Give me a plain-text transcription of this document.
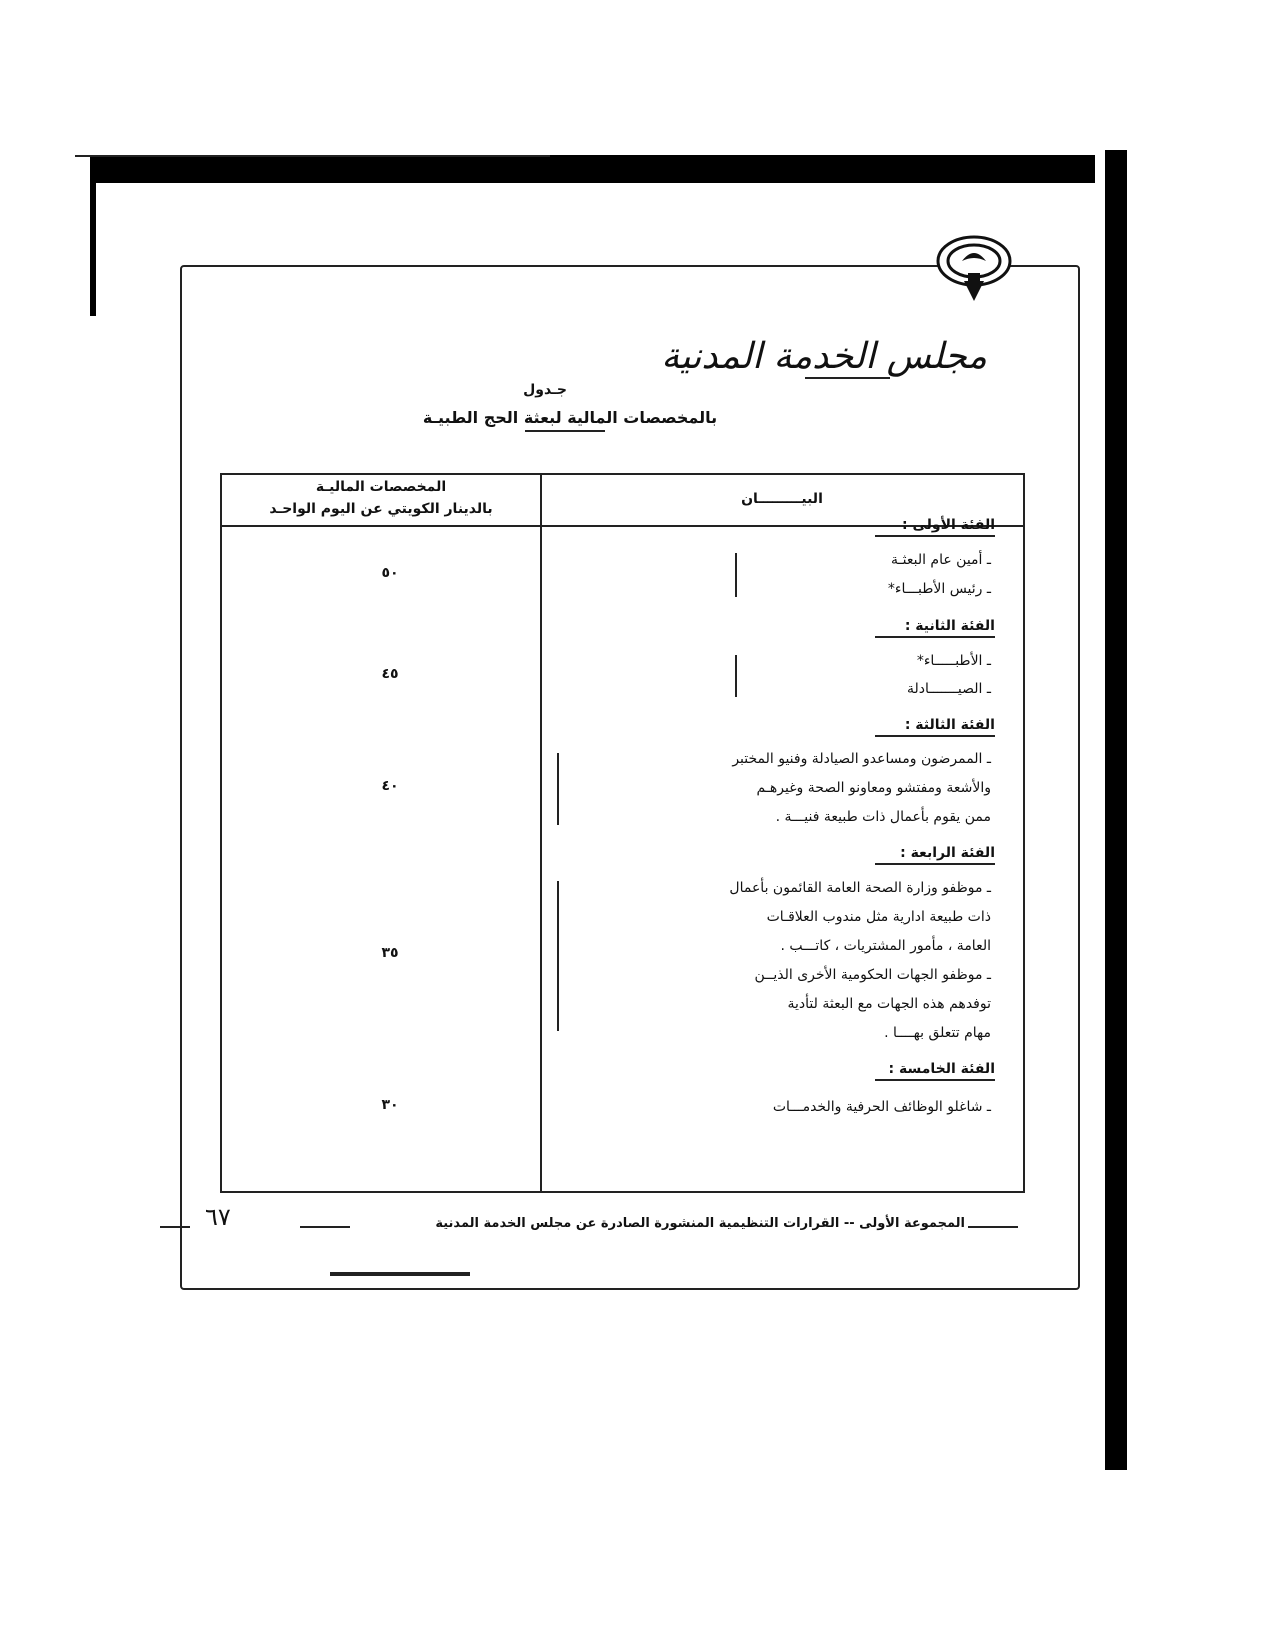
مجلس الخدمة المدنية
جـدول
بالمخصصات المالية لبعثة الحج الطبيـة
البيـــــــــان
المخصصات الماليـة
بالدينار الكويتي عن اليوم الواحـد
الفئة الأولى :
ـ أمين عام البعثـة
ـ رئيس الأطبـــاء*
٥٠
الفئة الثانية :
ـ الأطبـــــاء*
ـ الصيـــــــادلة
٤٥
الفئة الثالثة :
ـ الممرضون ومساعدو الصيادلة وفنيو المختبر
والأشعة ومفتشو ومعاونو الصحة وغيرهـم
ممن يقوم بأعمال ذات طبيعة فنيـــة .
٤٠
الفئة الرابعة :
ـ موظفو وزارة الصحة العامة القائمون بأعمال
ذات طبيعة ادارية مثل مندوب العلاقـات
العامة ، مأمور المشتريات ، كاتـــب .
ـ موظفو الجهات الحكومية الأخرى الذيــن
توفدهم هذه الجهات مع البعثة لتأدية
مهام تتعلق بهــــا .
٣٥
الفئة الخامسة :
ـ شاغلو الوظائف الحرفية والخدمـــات
٣٠
٦٧	المجموعة الأولى -- القرارات التنظيمية المنشورة الصادرة عن مجلس الخدمة المدنية
